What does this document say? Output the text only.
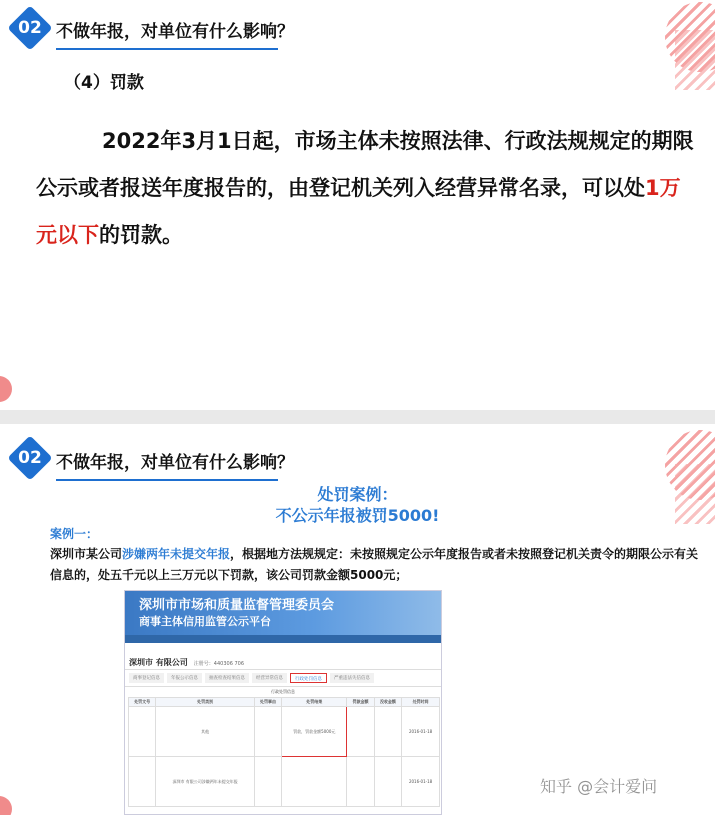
02 不做年报，对单位有什么影响？
（4）罚款
2022年3月1日起，市场主体未按照法律、行政法规规定的期限公示或者报送年度报告的，由登记机关列入经营异常名录，可以处1万元以下的罚款。
02 不做年报，对单位有什么影响？
处罚案例：
不公示年报被罚5000!
案例一：
深圳市某公司涉嫌两年未提交年报，根据地方法规规定：未按照规定公示年度报告或者未按照登记机关责令的期限公示有关信息的，处五千元以上三万元以下罚款，该公司罚款金额5000元；
深圳市市场和质量监督管理委员会
商事主体信用监管公示平台
深圳市 有限公司 注册号：440306 706
商事登记信息	年报公示信息	抽查检查结果信息	经营异常信息	行政处罚信息	严重违法失信信息
行政处罚信息
处罚文号	处罚类别	处罚事由	处罚结果	罚款金额	没收金额	处罚时间
	其他		罚款，罚款金额5000元			2016-01-18
	深圳市 有限公司涉嫌两年未提交年报					2016-01-18	知乎 @会计爱问
